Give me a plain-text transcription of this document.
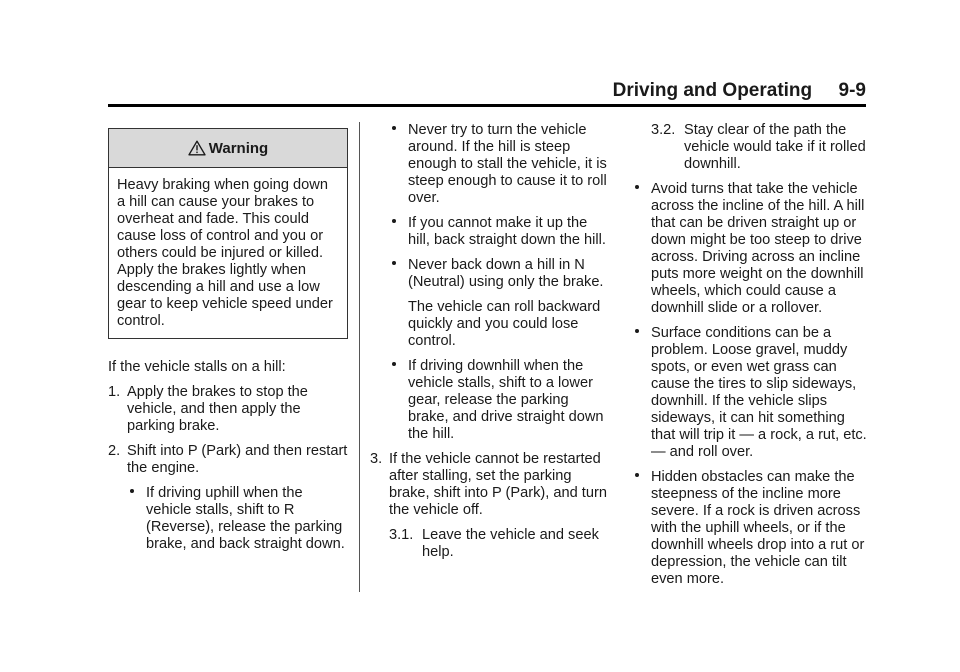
Driving and Operating     9-9
Warning
Heavy braking when going down a hill can cause your brakes to overheat and fade. This could cause loss of control and you or others could be injured or killed. Apply the brakes lightly when descending a hill and use a low gear to keep vehicle speed under control.

If the vehicle stalls on a hill:

1. Apply the brakes to stop the vehicle, and then apply the parking brake.
2. Shift into P (Park) and then restart the engine.
If driving uphill when the vehicle stalls, shift to R (Reverse), release the parking brake, and back straight down.
Never try to turn the vehicle around. If the hill is steep enough to stall the vehicle, it is steep enough to cause it to roll over.
If you cannot make it up the hill, back straight down the hill.
Never back down a hill in N (Neutral) using only the brake.
The vehicle can roll backward quickly and you could lose control.
If driving downhill when the vehicle stalls, shift to a lower gear, release the parking brake, and drive straight down the hill.
3. If the vehicle cannot be restarted after stalling, set the parking brake, shift into P (Park), and turn the vehicle off.
3.1. Leave the vehicle and seek help.
3.2. Stay clear of the path the vehicle would take if it rolled downhill.
Avoid turns that take the vehicle across the incline of the hill. A hill that can be driven straight up or down might be too steep to drive across. Driving across an incline puts more weight on the downhill wheels, which could cause a downhill slide or a rollover.
Surface conditions can be a problem. Loose gravel, muddy spots, or even wet grass can cause the tires to slip sideways, downhill. If the vehicle slips sideways, it can hit something that will trip it — a rock, a rut, etc. — and roll over.
Hidden obstacles can make the steepness of the incline more severe. If a rock is driven across with the uphill wheels, or if the downhill wheels drop into a rut or depression, the vehicle can tilt even more.
